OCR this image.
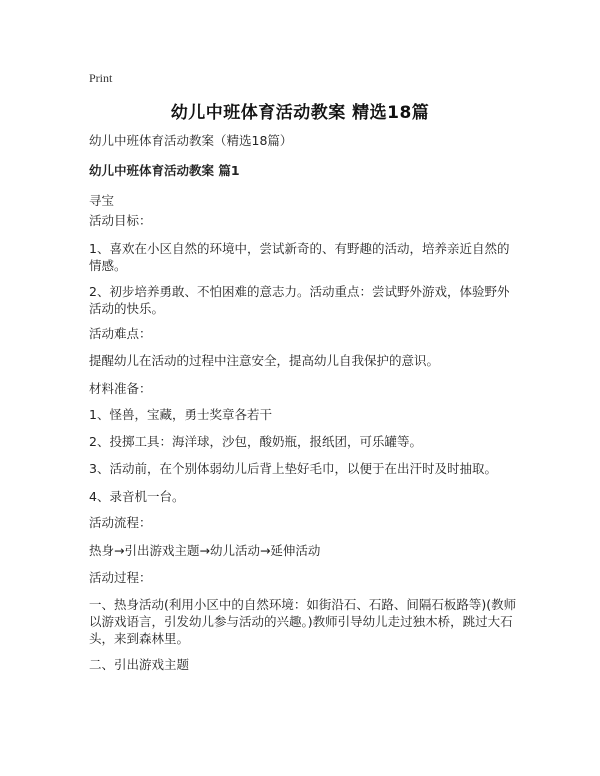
Print
幼儿中班体育活动教案 精选18篇
幼儿中班体育活动教案（精选18篇）
幼儿中班体育活动教案 篇1
寻宝
活动目标：
1、喜欢在小区自然的环境中，尝试新奇的、有野趣的活动，培养亲近自然的情感。
2、初步培养勇敢、不怕困难的意志力。活动重点：尝试野外游戏，体验野外活动的快乐。
活动难点：
提醒幼儿在活动的过程中注意安全，提高幼儿自我保护的意识。
材料准备：
1、怪兽，宝藏，勇士奖章各若干
2、投掷工具：海洋球，沙包，酸奶瓶，报纸团，可乐罐等。
3、活动前，在个别体弱幼儿后背上垫好毛巾，以便于在出汗时及时抽取。
4、录音机一台。
活动流程：
热身→引出游戏主题→幼儿活动→延伸活动
活动过程：
一、热身活动(利用小区中的自然环境：如街沿石、石路、间隔石板路等)(教师以游戏语言，引发幼儿参与活动的兴趣。)教师引导幼儿走过独木桥，跳过大石头，来到森林里。
二、引出游戏主题
